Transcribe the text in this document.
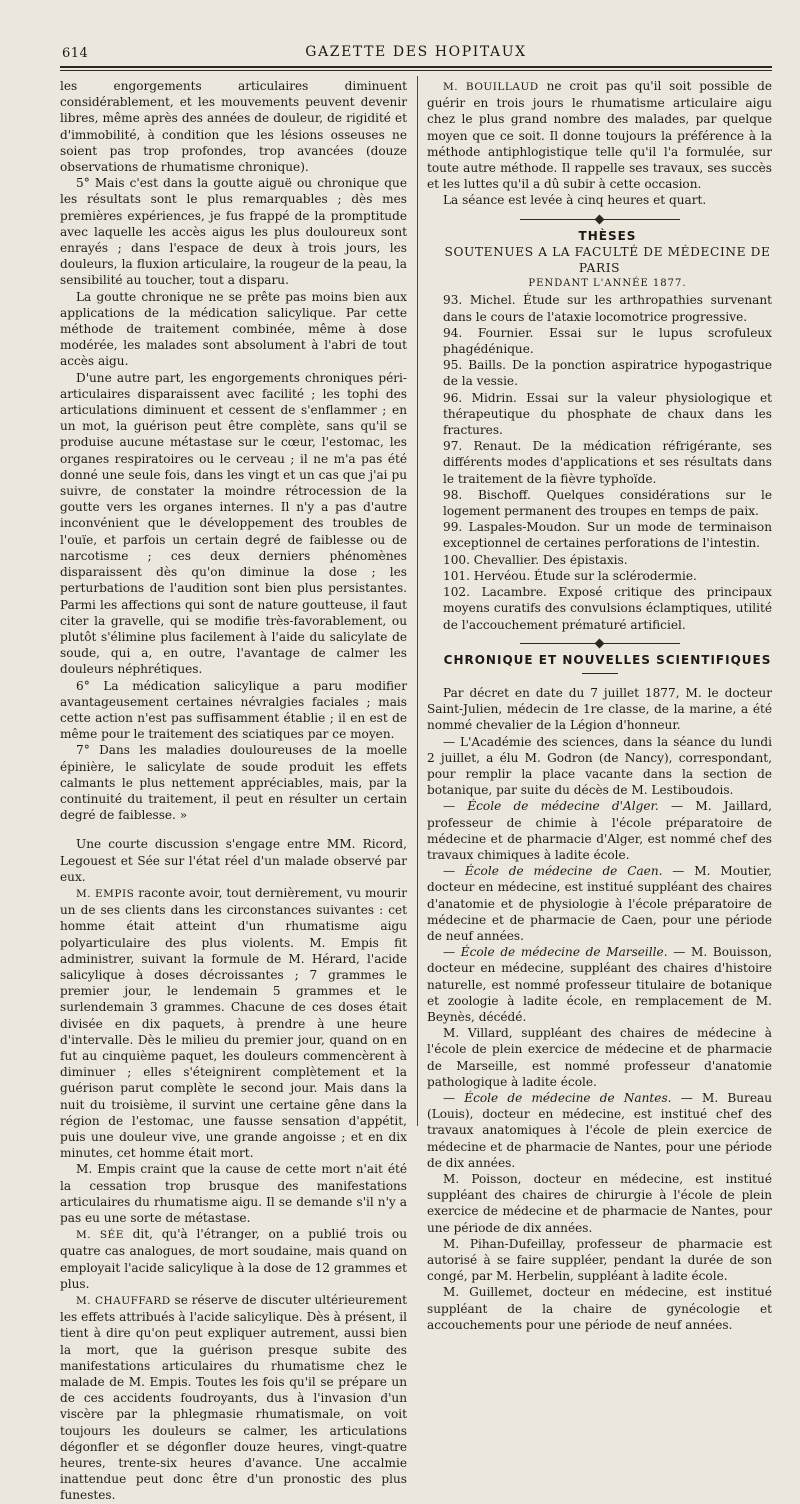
614	GAZETTE DES HOPITAUX

les engorgements articulaires diminuent considérablement, et les mouvements peuvent devenir libres, même après des années de douleur, de rigidité et d'immobilité, à condition que les lésions osseuses ne soient pas trop profondes, trop avancées (douze observations de rhumatisme chronique).

5° Mais c'est dans la goutte aiguë ou chronique que les résultats sont le plus remarquables ; dès mes premières expériences, je fus frappé de la promptitude avec laquelle les accès aigus les plus douloureux sont enrayés ; dans l'espace de deux à trois jours, les douleurs, la fluxion articulaire, la rougeur de la peau, la sensibilité au toucher, tout a disparu.

La goutte chronique ne se prête pas moins bien aux applications de la médication salicylique. Par cette méthode de traitement combinée, même à dose modérée, les malades sont absolument à l'abri de tout accès aigu.

D'une autre part, les engorgements chroniques péri-articulaires disparaissent avec facilité ; les tophi des articulations diminuent et cessent de s'enflammer ; en un mot, la guérison peut être complète, sans qu'il se produise aucune métastase sur le cœur, l'estomac, les organes respiratoires ou le cerveau ; il ne m'a pas été donné une seule fois, dans les vingt et un cas que j'ai pu suivre, de constater la moindre rétrocession de la goutte vers les organes internes. Il n'y a pas d'autre inconvénient que le développement des troubles de l'ouïe, et parfois un certain degré de faiblesse ou de narcotisme ; ces deux derniers phénomènes disparaissent dès qu'on diminue la dose ; les perturbations de l'audition sont bien plus persistantes. Parmi les affections qui sont de nature goutteuse, il faut citer la gravelle, qui se modifie très-favorablement, ou plutôt s'élimine plus facilement à l'aide du salicylate de soude, qui a, en outre, l'avantage de calmer les douleurs néphrétiques.

6° La médication salicylique a paru modifier avantageusement certaines névralgies faciales ; mais cette action n'est pas suffisamment établie ; il en est de même pour le traitement des sciatiques par ce moyen.

7° Dans les maladies douloureuses de la moelle épinière, le salicylate de soude produit les effets calmants le plus nettement appréciables, mais, par la continuité du traitement, il peut en résulter un certain degré de faiblesse. »

Une courte discussion s'engage entre MM. Ricord, Legouest et Sée sur l'état réel d'un malade observé par eux.

M. EMPIS raconte avoir, tout dernièrement, vu mourir un de ses clients dans les circonstances suivantes : cet homme était atteint d'un rhumatisme aigu polyarticulaire des plus violents. M. Empis fit administrer, suivant la formule de M. Hérard, l'acide salicylique à doses décroissantes ; 7 grammes le premier jour, le lendemain 5 grammes et le surlendemain 3 grammes. Chacune de ces doses était divisée en dix paquets, à prendre à une heure d'intervalle. Dès le milieu du premier jour, quand on en fut au cinquième paquet, les douleurs commencèrent à diminuer ; elles s'éteignirent complètement et la guérison parut complète le second jour. Mais dans la nuit du troisième, il survint une certaine gêne dans la région de l'estomac, une fausse sensation d'appétit, puis une douleur vive, une grande angoisse ; et en dix minutes, cet homme était mort.

M. Empis craint que la cause de cette mort n'ait été la cessation trop brusque des manifestations articulaires du rhumatisme aigu. Il se demande s'il n'y a pas eu une sorte de métastase.

M. SÉE dit, qu'à l'étranger, on a publié trois ou quatre cas analogues, de mort soudaine, mais quand on employait l'acide salicylique à la dose de 12 grammes et plus.

M. CHAUFFARD se réserve de discuter ultérieurement les effets attribués à l'acide salicylique. Dès à présent, il tient à dire qu'on peut expliquer autrement, aussi bien la mort, que la guérison presque subite des manifestations articulaires du rhumatisme chez le malade de M. Empis. Toutes les fois qu'il se prépare un de ces accidents foudroyants, dus à l'invasion d'un viscère par la phlegmasie rhumatismale, on voit toujours les douleurs se calmer, les articulations dégonfler et se dégonfler douze heures, vingt-quatre heures, trente-six heures d'avance. Une accalmie inattendue peut donc être d'un pronostic des plus funestes.

M. BOUILLAUD ne croit pas qu'il soit possible de guérir en trois jours le rhumatisme articulaire aigu chez le plus grand nombre des malades, par quelque moyen que ce soit. Il donne toujours la préférence à la méthode antiphlogistique telle qu'il l'a formulée, sur toute autre méthode. Il rappelle ses travaux, ses succès et les luttes qu'il a dû subir à cette occasion.

La séance est levée à cinq heures et quart.

THÈSES

SOUTENUES A LA FACULTÉ DE MÉDECINE DE PARIS

PENDANT L'ANNÉE 1877.

93. Michel. Étude sur les arthropathies survenant dans le cours de l'ataxie locomotrice progressive.

94. Fournier. Essai sur le lupus scrofuleux phagédénique.

95. Baills. De la ponction aspiratrice hypogastrique de la vessie.

96. Midrin. Essai sur la valeur physiologique et thérapeutique du phosphate de chaux dans les fractures.

97. Renaut. De la médication réfrigérante, ses différents modes d'applications et ses résultats dans le traitement de la fièvre typhoïde.

98. Bischoff. Quelques considérations sur le logement permanent des troupes en temps de paix.

99. Laspales-Moudon. Sur un mode de terminaison exceptionnel de certaines perforations de l'intestin.

100. Chevallier. Des épistaxis.

101. Hervéou. Étude sur la sclérodermie.

102. Lacambre. Exposé critique des principaux moyens curatifs des convulsions éclamptiques, utilité de l'accouchement prématuré artificiel.

CHRONIQUE ET NOUVELLES SCIENTIFIQUES

Par décret en date du 7 juillet 1877, M. le docteur Saint-Julien, médecin de 1re classe, de la marine, a été nommé chevalier de la Légion d'honneur.

— L'Académie des sciences, dans la séance du lundi 2 juillet, a élu M. Godron (de Nancy), correspondant, pour remplir la place vacante dans la section de botanique, par suite du décès de M. Lestiboudois.

— École de médecine d'Alger. — M. Jaillard, professeur de chimie à l'école préparatoire de médecine et de pharmacie d'Alger, est nommé chef des travaux chimiques à ladite école.

— École de médecine de Caen. — M. Moutier, docteur en médecine, est institué suppléant des chaires d'anatomie et de physiologie à l'école préparatoire de médecine et de pharmacie de Caen, pour une période de neuf années.

— École de médecine de Marseille. — M. Bouisson, docteur en médecine, suppléant des chaires d'histoire naturelle, est nommé professeur titulaire de botanique et zoologie à ladite école, en remplacement de M. Beynès, décédé.

M. Villard, suppléant des chaires de médecine à l'école de plein exercice de médecine et de pharmacie de Marseille, est nommé professeur d'anatomie pathologique à ladite école.

— École de médecine de Nantes. — M. Bureau (Louis), docteur en médecine, est institué chef des travaux anatomiques à l'école de plein exercice de médecine et de pharmacie de Nantes, pour une période de dix années.

M. Poisson, docteur en médecine, est institué suppléant des chaires de chirurgie à l'école de plein exercice de médecine et de pharmacie de Nantes, pour une période de dix années.

M. Pihan-Dufeillay, professeur de pharmacie est autorisé à se faire suppléer, pendant la durée de son congé, par M. Herbelin, suppléant à ladite école.

M. Guillemet, docteur en médecine, est institué suppléant de la chaire de gynécologie et accouchements pour une période de neuf années.
